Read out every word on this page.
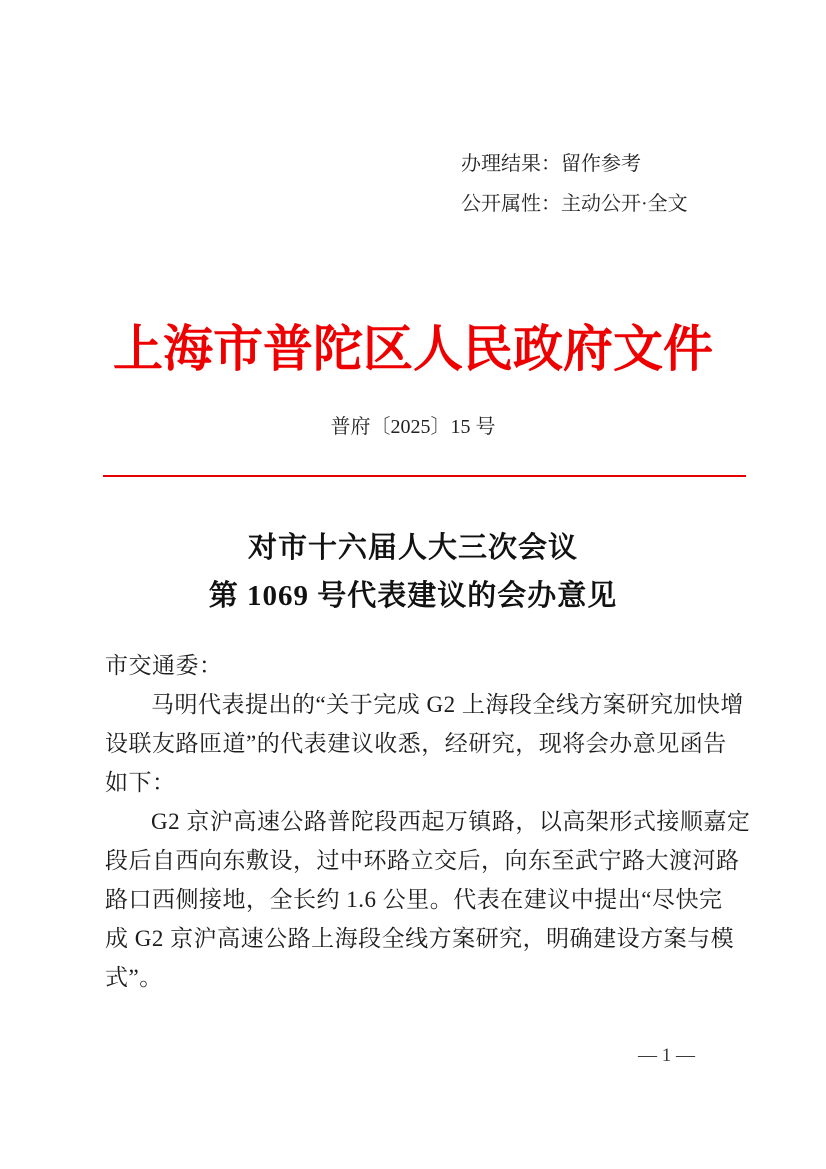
办理结果：留作参考
公开属性：主动公开·全文
上海市普陀区人民政府文件
普府〔2025〕15 号
对市十六届人大三次会议
第 1069 号代表建议的会办意见
市交通委：
马明代表提出的“关于完成 G2 上海段全线方案研究加快增
设联友路匝道”的代表建议收悉，经研究，现将会办意见函告
如下：
G2 京沪高速公路普陀段西起万镇路，以高架形式接顺嘉定
段后自西向东敷设，过中环路立交后，向东至武宁路大渡河路
路口西侧接地，全长约 1.6 公里。代表在建议中提出“尽快完
成 G2 京沪高速公路上海段全线方案研究，明确建设方案与模
式”。
— 1 —
